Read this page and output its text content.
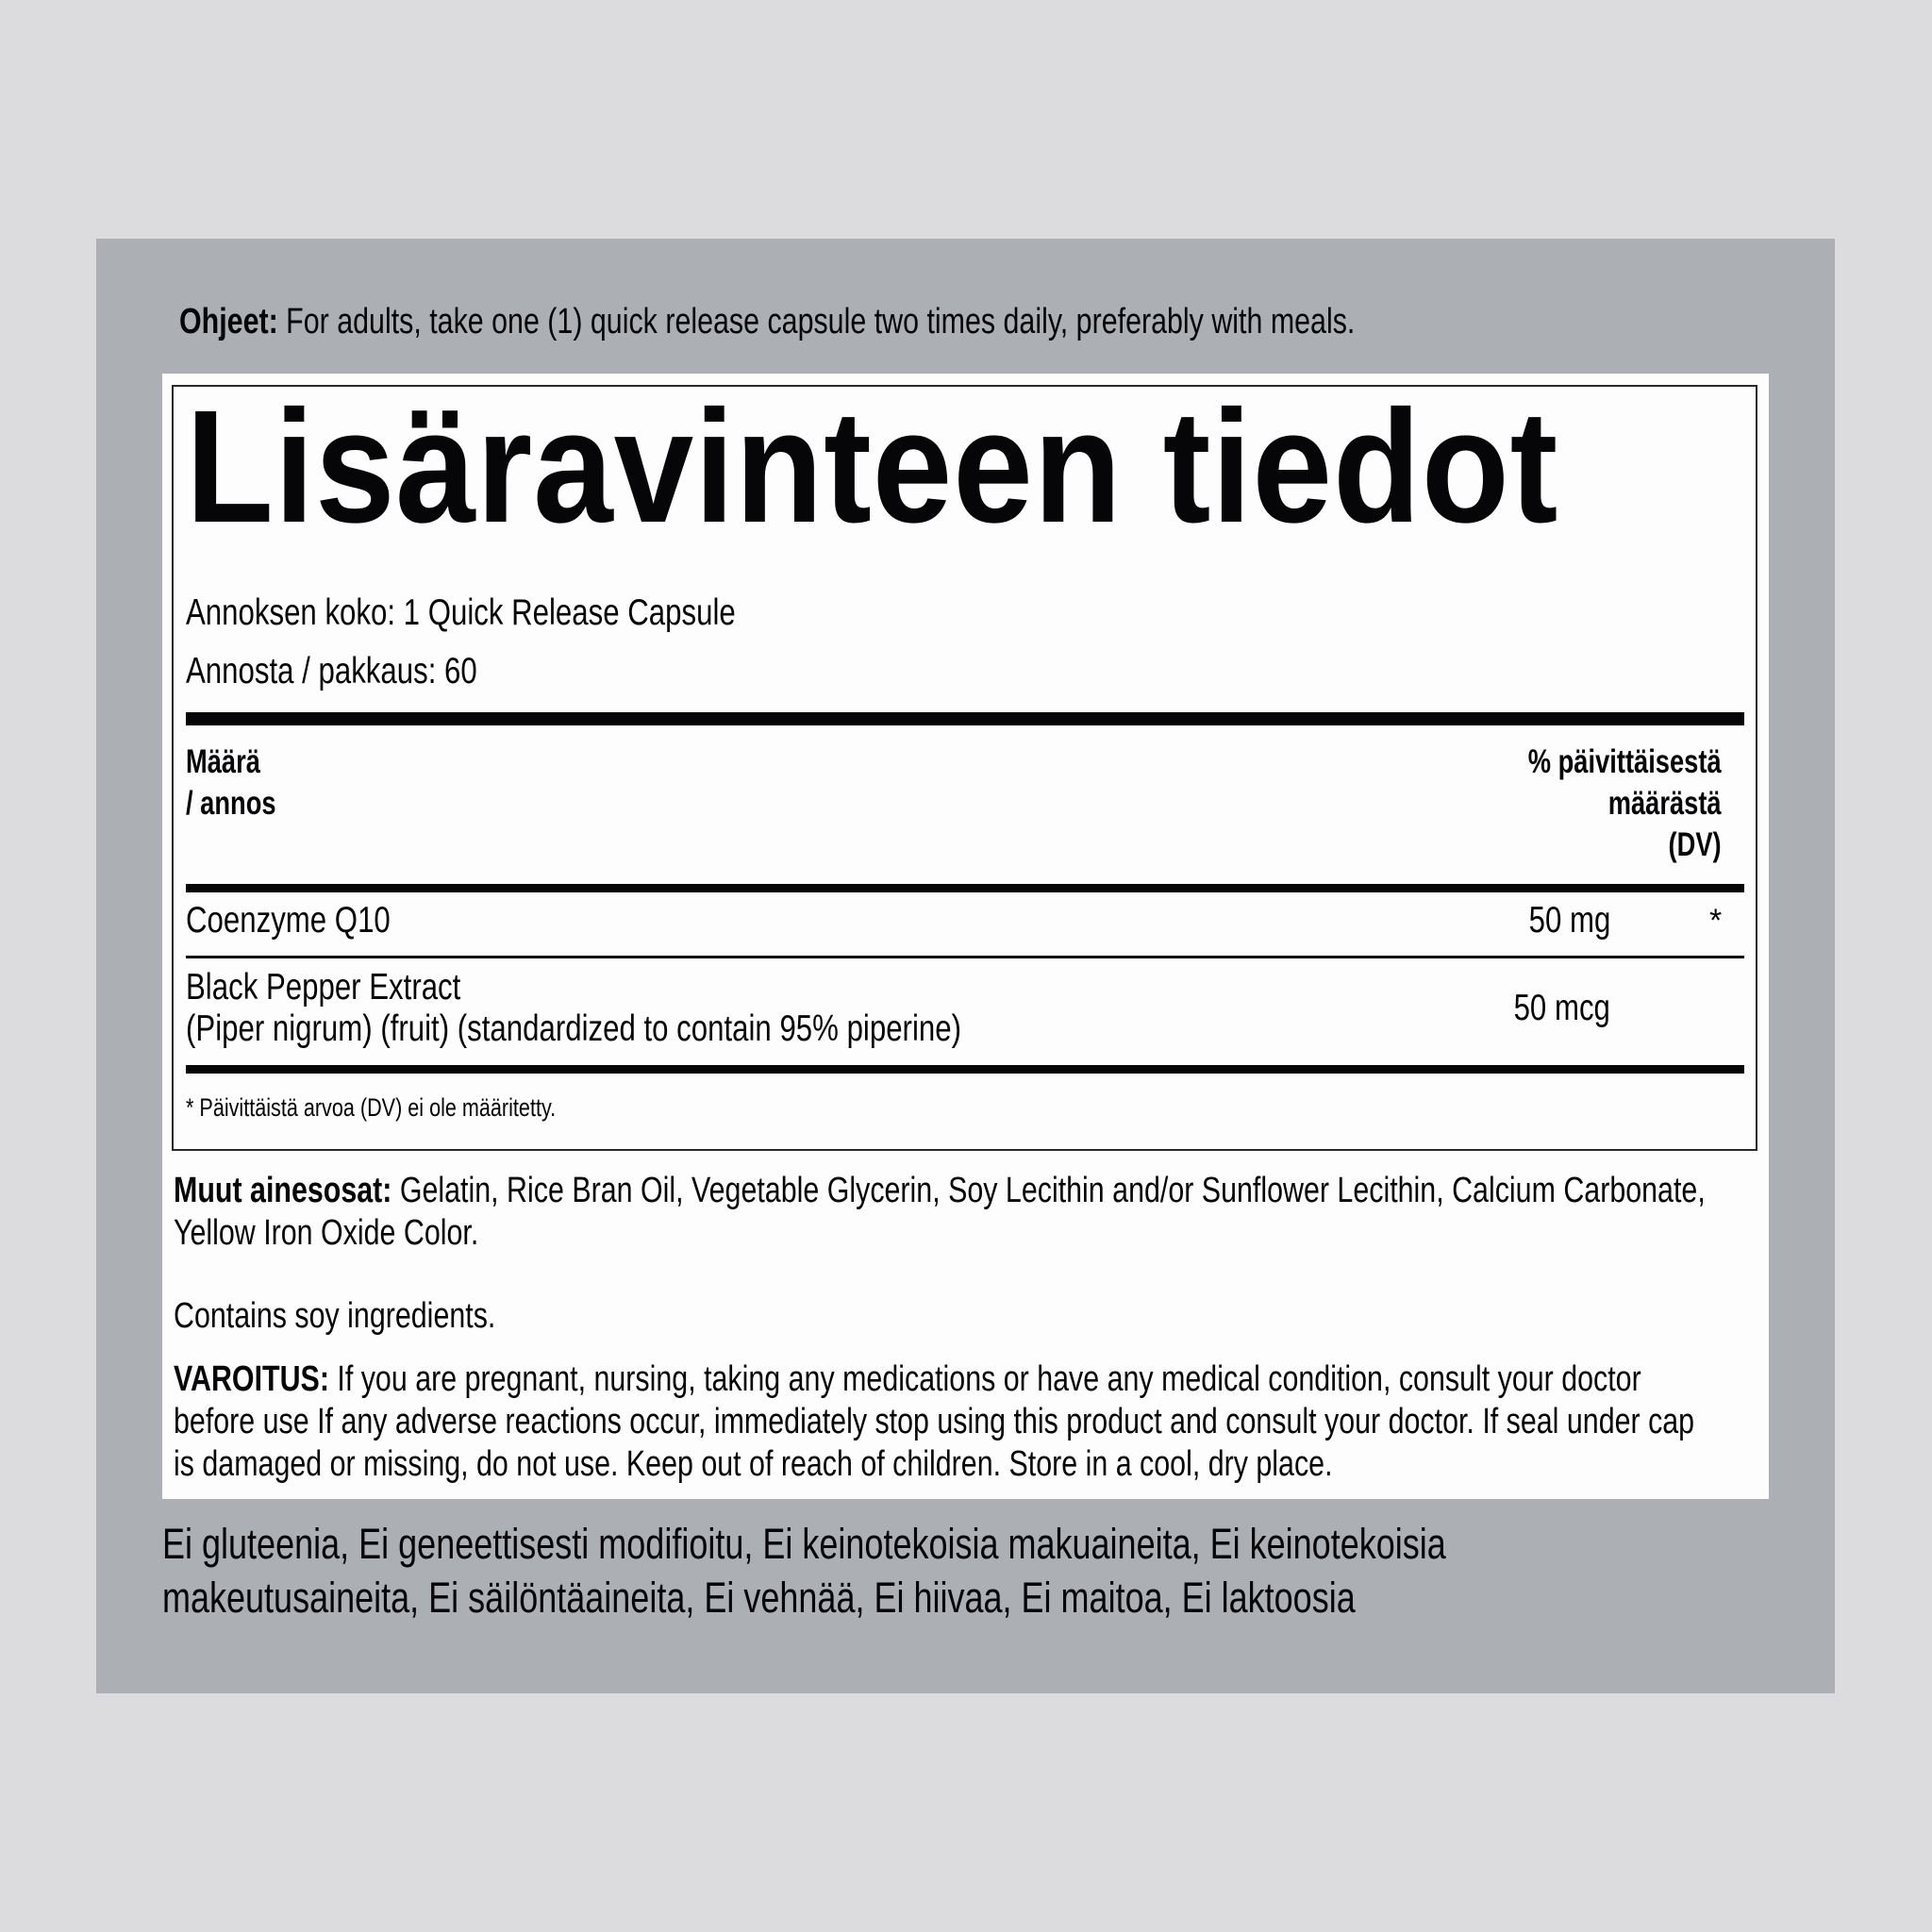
Ohjeet: For adults, take one (1) quick release capsule two times daily, preferably with meals.
Lisäravinteen tiedot
Annoksen koko: 1 Quick Release Capsule
Annosta / pakkaus: 60
Määrä
/ annos
% päivittäisestä
määrästä
(DV)
Coenzyme Q10	50 mg	*
Black Pepper Extract
(Piper nigrum) (fruit) (standardized to contain 95% piperine)
50 mcg
* Päivittäistä arvoa (DV) ei ole määritetty.
Muut ainesosat: Gelatin, Rice Bran Oil, Vegetable Glycerin, Soy Lecithin and/or Sunflower Lecithin, Calcium Carbonate,
Yellow Iron Oxide Color.
Contains soy ingredients.
VAROITUS: If you are pregnant, nursing, taking any medications or have any medical condition, consult your doctor
before use If any adverse reactions occur, immediately stop using this product and consult your doctor. If seal under cap
is damaged or missing, do not use. Keep out of reach of children. Store in a cool, dry place.
Ei gluteenia, Ei geneettisesti modifioitu, Ei keinotekoisia makuaineita, Ei keinotekoisia
makeutusaineita, Ei säilöntäaineita, Ei vehnää, Ei hiivaa, Ei maitoa, Ei laktoosia
